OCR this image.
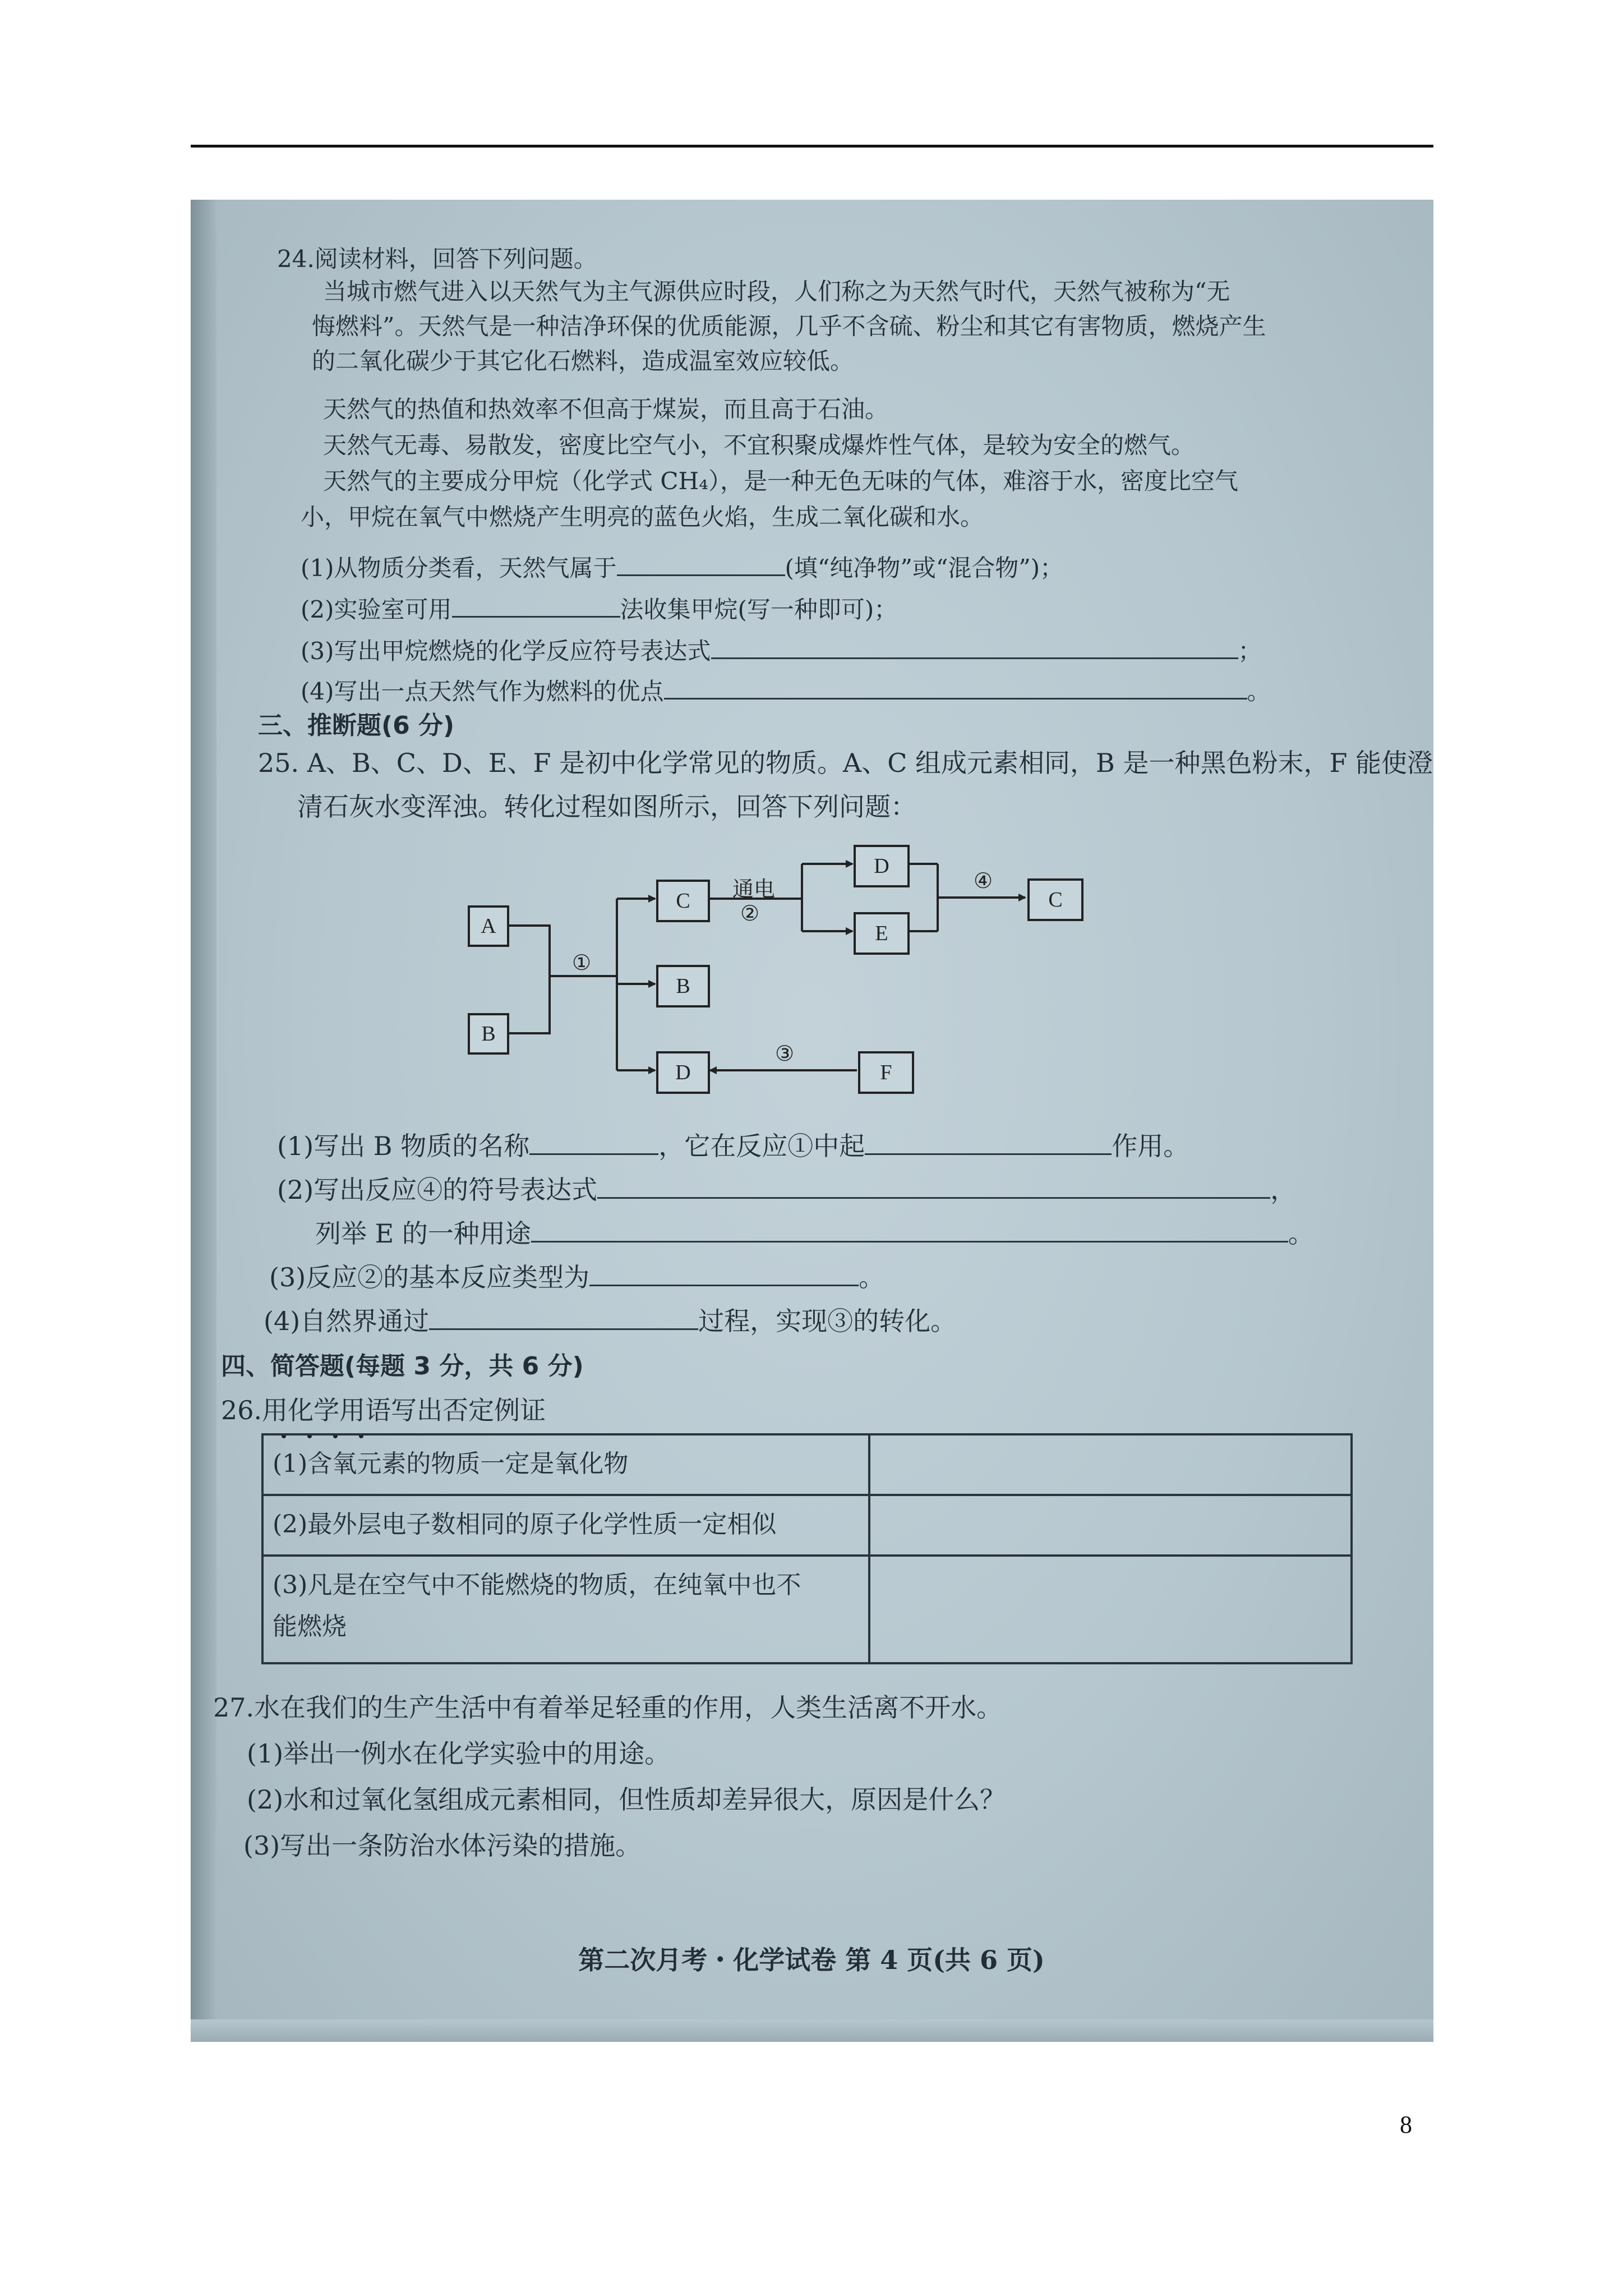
24.阅读材料，回答下列问题。
当城市燃气进入以天然气为主气源供应时段，人们称之为天然气时代，天然气被称为“无
悔燃料”。天然气是一种洁净环保的优质能源，几乎不含硫、粉尘和其它有害物质，燃烧产生
的二氧化碳少于其它化石燃料，造成温室效应较低。
天然气的热值和热效率不但高于煤炭，而且高于石油。
天然气无毒、易散发，密度比空气小，不宜积聚成爆炸性气体，是较为安全的燃气。
天然气的主要成分甲烷（化学式 CH₄），是一种无色无味的气体，难溶于水，密度比空气
小，甲烷在氧气中燃烧产生明亮的蓝色火焰，生成二氧化碳和水。
(1)从物质分类看，天然气属于	(填“纯净物”或“混合物”)；
(2)实验室可用	法收集甲烷(写一种即可)；
(3)写出甲烷燃烧的化学反应符号表达式	；
(4)写出一点天然气作为燃料的优点	。
三、推断题(6 分)
25. A、B、C、D、E、F 是初中化学常见的物质。A、C 组成元素相同，B 是一种黑色粉末，F 能使澄
清石灰水变浑浊。转化过程如图所示，回答下列问题：
A
B
C
B
D
D
E
C
F
①
通电
②
③
④
(1)写出 B 物质的名称	，它在反应①中起	作用。
(2)写出反应④的符号表达式	，
列举 E 的一种用途	。
(3)反应②的基本反应类型为	。
(4)自然界通过	过程，实现③的转化。
四、简答题(每题 3 分，共 6 分)
26.用化学用语写出否定例证
(1)含氧元素的物质一定是氧化物	
(2)最外层电子数相同的原子化学性质一定相似	

(3)凡是在空气中不能燃烧的物质，在纯氧中也不
能燃烧	

27.水在我们的生产生活中有着举足轻重的作用，人类生活离不开水。
(1)举出一例水在化学实验中的用途。
(2)水和过氧化氢组成元素相同，但性质却差异很大，原因是什么？
(3)写出一条防治水体污染的措施。
第二次月考・化学试卷 第 4 页(共 6 页)
8
